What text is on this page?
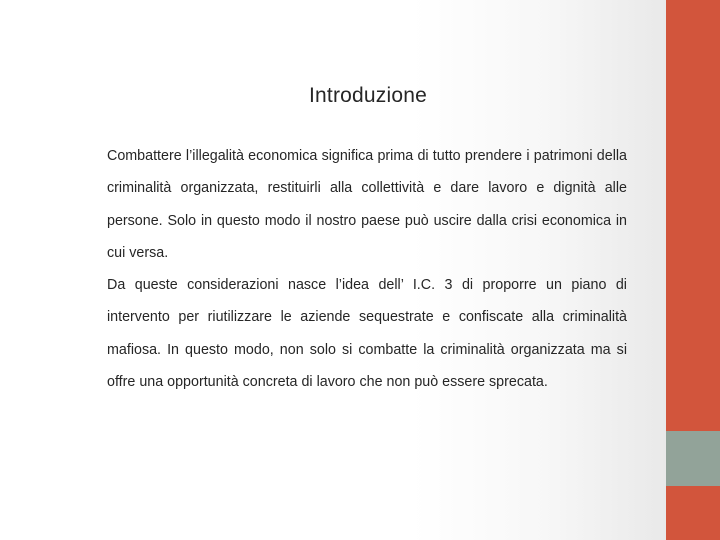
Introduzione

Combattere l’illegalità economica significa prima di tutto prendere i patrimoni della criminalità organizzata, restituirli alla collettività e dare lavoro e dignità alle persone. Solo in questo modo il nostro paese può uscire dalla crisi economica in cui versa.

Da queste considerazioni nasce l’idea dell’ I.C. 3 di proporre un piano di intervento per riutilizzare le aziende sequestrate e confiscate alla criminalità mafiosa. In questo modo, non solo si combatte la criminalità organizzata ma si offre una opportunità concreta di lavoro che non può essere sprecata.
